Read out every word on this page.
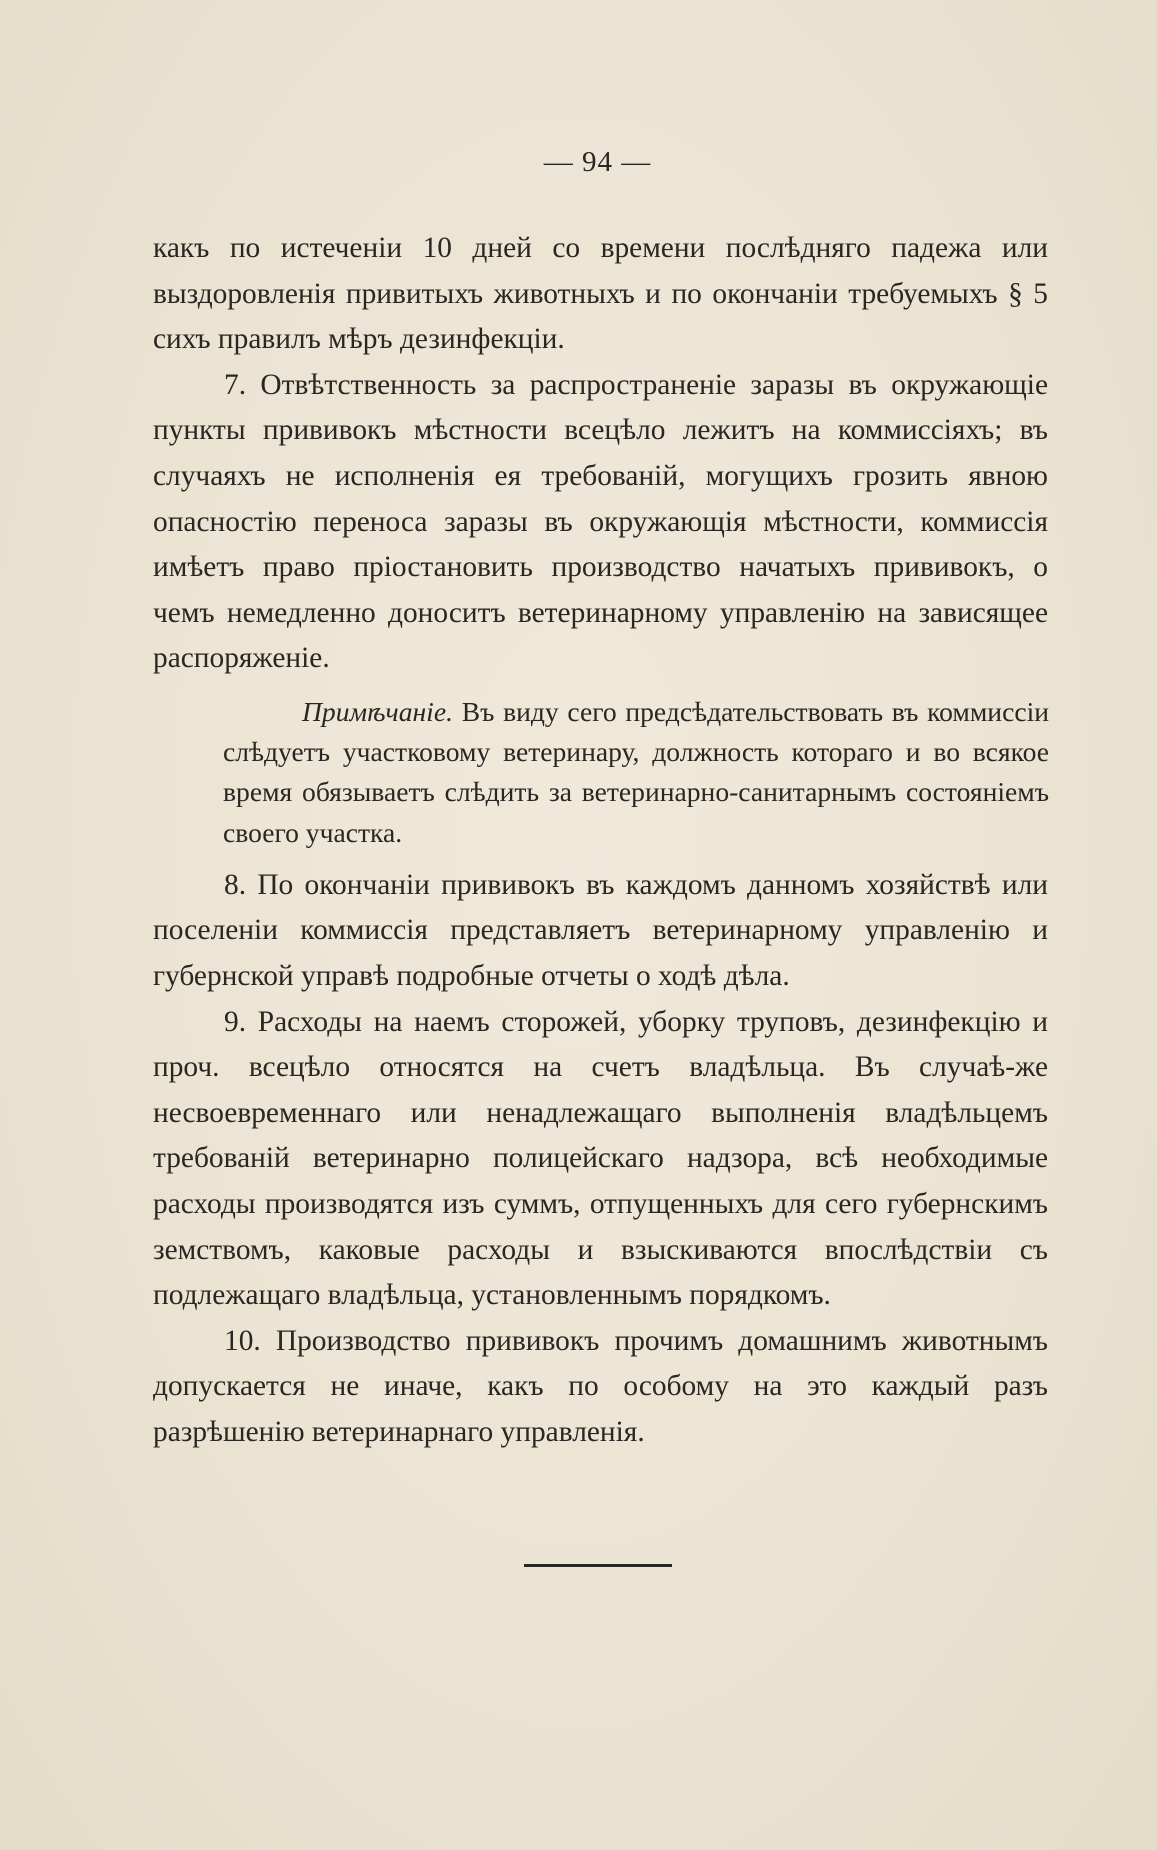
— 94 —

какъ по истеченіи 10 дней со времени послѣдняго падежа или выздоровленія привитыхъ животныхъ и по окончаніи требуемыхъ § 5 сихъ правилъ мѣръ дезинфекціи.

7. Отвѣтственность за распространеніе заразы въ окружающіе пункты прививокъ мѣстности всецѣло лежитъ на коммиссіяхъ; въ случаяхъ не исполненія ея требованій, могущихъ грозить явною опасностію переноса заразы въ окружающія мѣстности, коммиссія имѣетъ право пріостановить производство начатыхъ прививокъ, о чемъ немедленно доноситъ ветеринарному управленію на зависящее распоряженіе.

Примѣчаніе. Въ виду сего предсѣдательствовать въ коммиссіи слѣдуетъ участковому ветеринару, должность котораго и во всякое время обязываетъ слѣдить за ветеринарно-санитарнымъ состояніемъ своего участка.

8. По окончаніи прививокъ въ каждомъ данномъ хозяйствѣ или поселеніи коммиссія представляетъ ветеринарному управленію и губернской управѣ подробные отчеты о ходѣ дѣла.

9. Расходы на наемъ сторожей, уборку труповъ, дезинфекцію и проч. всецѣло относятся на счетъ владѣльца. Въ случаѣ-же несвоевременнаго или ненадлежащаго выполненія владѣльцемъ требованій ветеринарно полицейскаго надзора, всѣ необходимые расходы производятся изъ суммъ, отпущенныхъ для сего губернскимъ земствомъ, каковые расходы и взыскиваются впослѣдствіи съ подлежащаго владѣльца, установленнымъ порядкомъ.

10. Производство прививокъ прочимъ домашнимъ животнымъ допускается не иначе, какъ по особому на это каждый разъ разрѣшенію ветеринарнаго управленія.
